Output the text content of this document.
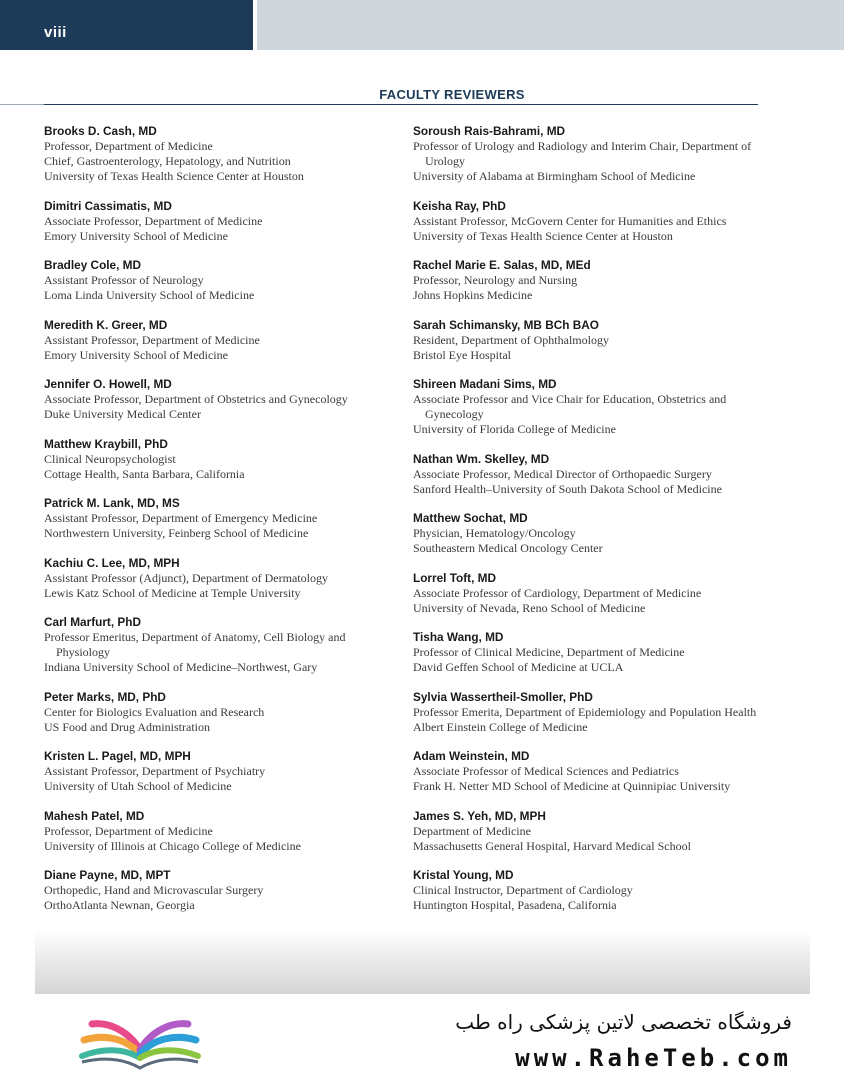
viii
FACULTY REVIEWERS
Brooks D. Cash, MD
Professor, Department of Medicine
Chief, Gastroenterology, Hepatology, and Nutrition
University of Texas Health Science Center at Houston
Dimitri Cassimatis, MD
Associate Professor, Department of Medicine
Emory University School of Medicine
Bradley Cole, MD
Assistant Professor of Neurology
Loma Linda University School of Medicine
Meredith K. Greer, MD
Assistant Professor, Department of Medicine
Emory University School of Medicine
Jennifer O. Howell, MD
Associate Professor, Department of Obstetrics and Gynecology
Duke University Medical Center
Matthew Kraybill, PhD
Clinical Neuropsychologist
Cottage Health, Santa Barbara, California
Patrick M. Lank, MD, MS
Assistant Professor, Department of Emergency Medicine
Northwestern University, Feinberg School of Medicine
Kachiu C. Lee, MD, MPH
Assistant Professor (Adjunct), Department of Dermatology
Lewis Katz School of Medicine at Temple University
Carl Marfurt, PhD
Professor Emeritus, Department of Anatomy, Cell Biology and Physiology
Indiana University School of Medicine–Northwest, Gary
Peter Marks, MD, PhD
Center for Biologics Evaluation and Research
US Food and Drug Administration
Kristen L. Pagel, MD, MPH
Assistant Professor, Department of Psychiatry
University of Utah School of Medicine
Mahesh Patel, MD
Professor, Department of Medicine
University of Illinois at Chicago College of Medicine
Diane Payne, MD, MPT
Orthopedic, Hand and Microvascular Surgery
OrthoAtlanta Newnan, Georgia
Soroush Rais-Bahrami, MD
Professor of Urology and Radiology and Interim Chair, Department of Urology
University of Alabama at Birmingham School of Medicine
Keisha Ray, PhD
Assistant Professor, McGovern Center for Humanities and Ethics
University of Texas Health Science Center at Houston
Rachel Marie E. Salas, MD, MEd
Professor, Neurology and Nursing
Johns Hopkins Medicine
Sarah Schimansky, MB BCh BAO
Resident, Department of Ophthalmology
Bristol Eye Hospital
Shireen Madani Sims, MD
Associate Professor and Vice Chair for Education, Obstetrics and Gynecology
University of Florida College of Medicine
Nathan Wm. Skelley, MD
Associate Professor, Medical Director of Orthopaedic Surgery
Sanford Health–University of South Dakota School of Medicine
Matthew Sochat, MD
Physician, Hematology/Oncology
Southeastern Medical Oncology Center
Lorrel Toft, MD
Associate Professor of Cardiology, Department of Medicine
University of Nevada, Reno School of Medicine
Tisha Wang, MD
Professor of Clinical Medicine, Department of Medicine
David Geffen School of Medicine at UCLA
Sylvia Wassertheil-Smoller, PhD
Professor Emerita, Department of Epidemiology and Population Health
Albert Einstein College of Medicine
Adam Weinstein, MD
Associate Professor of Medical Sciences and Pediatrics
Frank H. Netter MD School of Medicine at Quinnipiac University
James S. Yeh, MD, MPH
Department of Medicine
Massachusetts General Hospital, Harvard Medical School
Kristal Young, MD
Clinical Instructor, Department of Cardiology
Huntington Hospital, Pasadena, California
فروشگاه تخصصی لاتین پزشکی راه طب
www.RaheTeb.com
